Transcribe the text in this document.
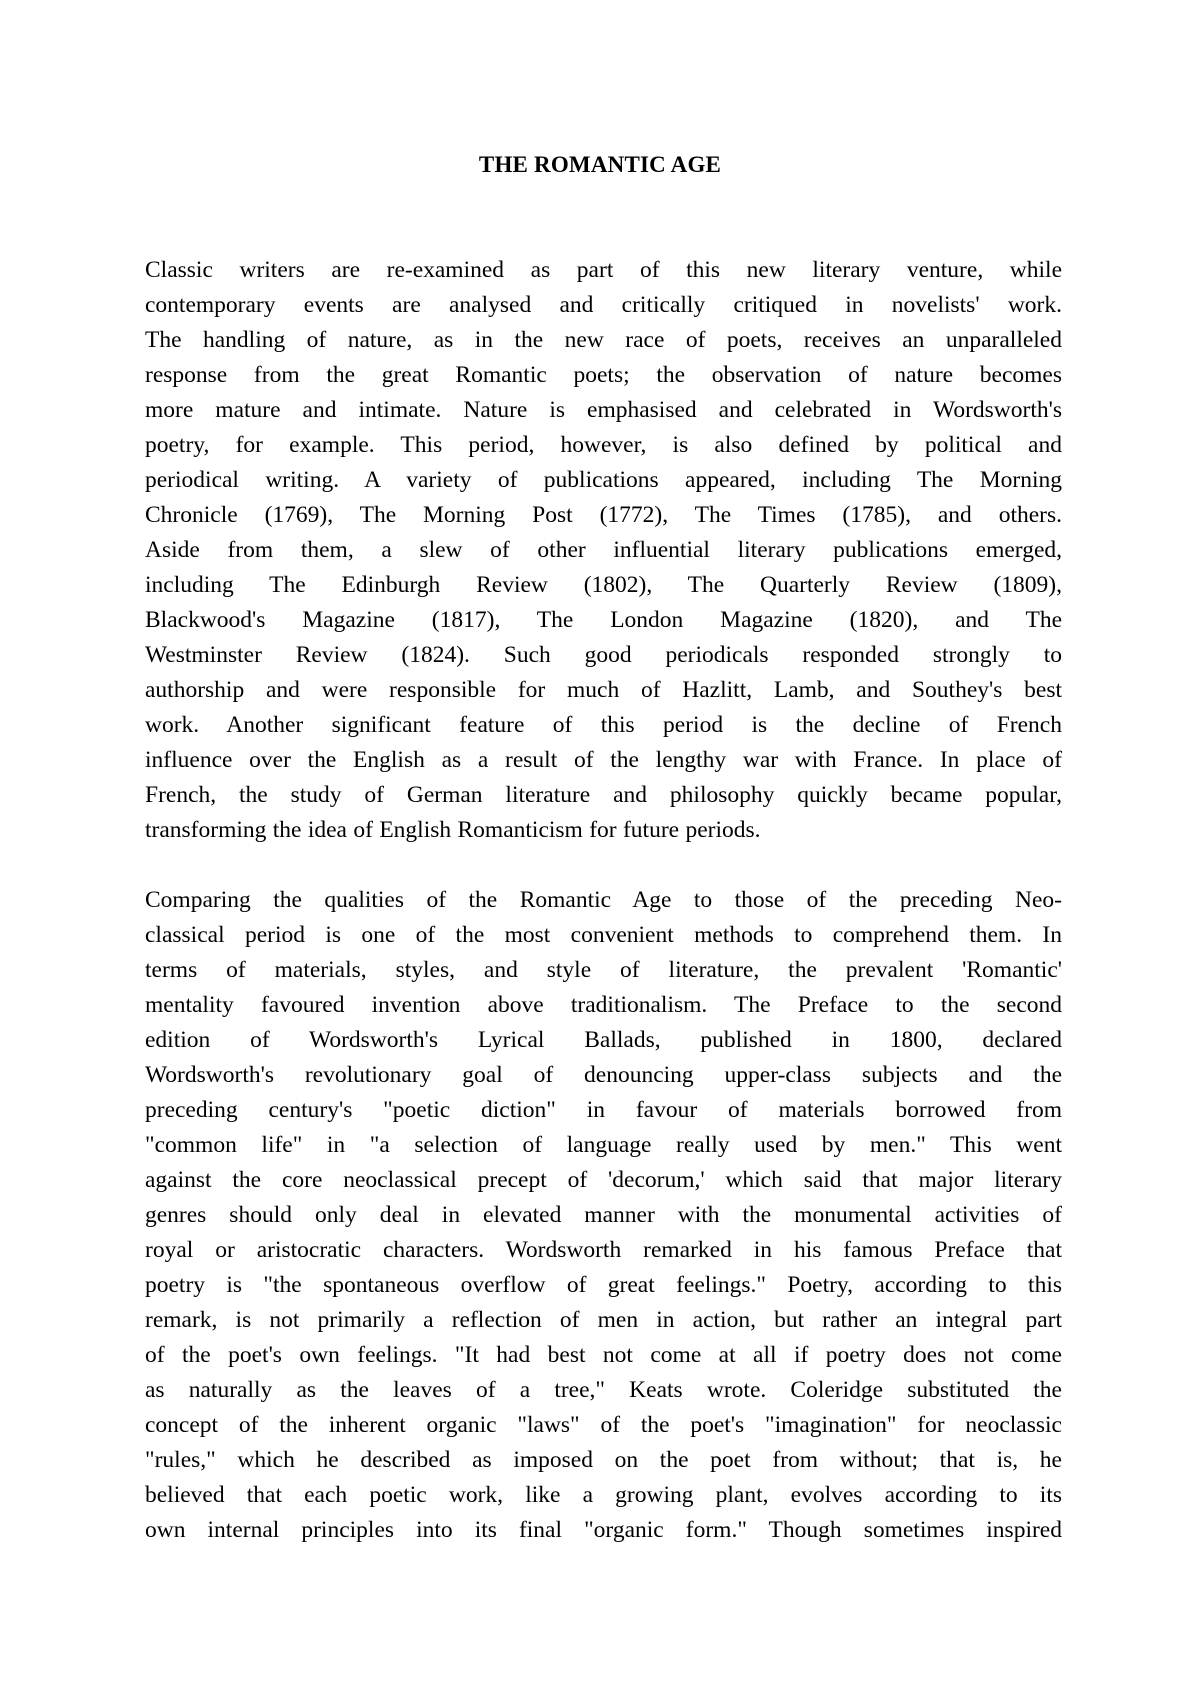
THE ROMANTIC AGE
Classic writers are re-examined as part of this new literary venture, while
contemporary events are analysed and critically critiqued in novelists' work.
The handling of nature, as in the new race of poets, receives an unparalleled
response from the great Romantic poets; the observation of nature becomes
more mature and intimate. Nature is emphasised and celebrated in Wordsworth's
poetry, for example. This period, however, is also defined by political and
periodical writing. A variety of publications appeared, including The Morning
Chronicle (1769), The Morning Post (1772), The Times (1785), and others.
Aside from them, a slew of other influential literary publications emerged,
including The Edinburgh Review (1802), The Quarterly Review (1809),
Blackwood's Magazine (1817), The London Magazine (1820), and The
Westminster Review (1824). Such good periodicals responded strongly to
authorship and were responsible for much of Hazlitt, Lamb, and Southey's best
work. Another significant feature of this period is the decline of French
influence over the English as a result of the lengthy war with France. In place of
French, the study of German literature and philosophy quickly became popular,
transforming the idea of English Romanticism for future periods.
Comparing the qualities of the Romantic Age to those of the preceding Neo-
classical period is one of the most convenient methods to comprehend them. In
terms of materials, styles, and style of literature, the prevalent 'Romantic'
mentality favoured invention above traditionalism. The Preface to the second
edition of Wordsworth's Lyrical Ballads, published in 1800, declared
Wordsworth's revolutionary goal of denouncing upper-class subjects and the
preceding century's "poetic diction" in favour of materials borrowed from
"common life" in "a selection of language really used by men." This went
against the core neoclassical precept of 'decorum,' which said that major literary
genres should only deal in elevated manner with the monumental activities of
royal or aristocratic characters. Wordsworth remarked in his famous Preface that
poetry is "the spontaneous overflow of great feelings." Poetry, according to this
remark, is not primarily a reflection of men in action, but rather an integral part
of the poet's own feelings. "It had best not come at all if poetry does not come
as naturally as the leaves of a tree," Keats wrote. Coleridge substituted the
concept of the inherent organic "laws" of the poet's "imagination" for neoclassic
"rules," which he described as imposed on the poet from without; that is, he
believed that each poetic work, like a growing plant, evolves according to its
own internal principles into its final "organic form." Though sometimes inspired
